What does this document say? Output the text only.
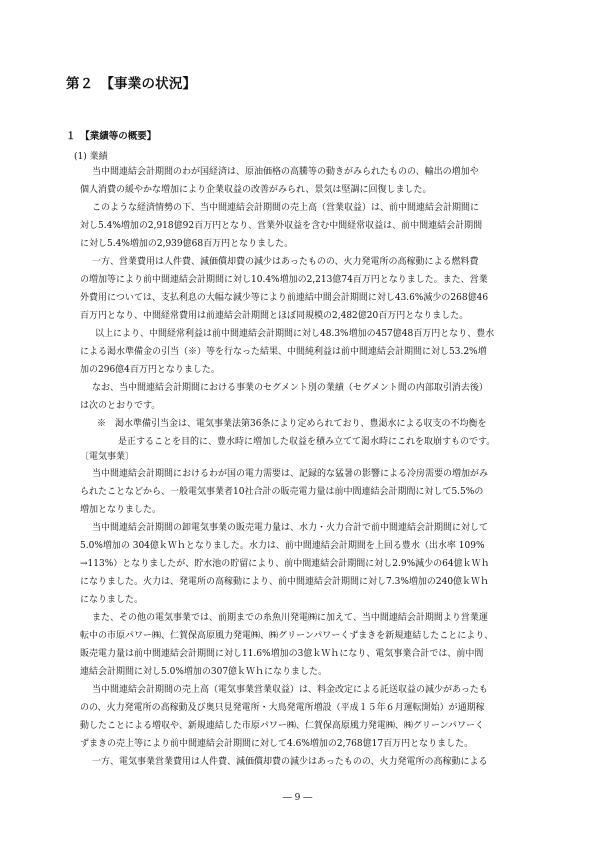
第２　【事業の状況】
１　【業績等の概要】
(1) 業績
〔電気事業〕
当中間連結会計期間のわが国経済は、原油価格の高騰等の動きがみられたものの、輸出の増加や
個人消費の緩やかな増加により企業収益の改善がみられ、景気は堅調に回復しました。
このような経済情勢の下、当中間連結会計期間の売上高（営業収益）は、前中間連結会計期間に
対し5.4%増加の2,918億92百万円となり、営業外収益を含む中間経常収益は、前中間連結会計期間
に対し5.4%増加の2,939億68百万円となりました。
一方、営業費用は人件費、減価償却費の減少はあったものの、火力発電所の高稼動による燃料費
の増加等により前中間連結会計期間に対し10.4%増加の2,213億74百万円となりました。また、営業
外費用については、支払利息の大幅な減少等により前連結中間会計期間に対し43.6%減少の268億46
百万円となり、中間経常費用は前連結会計期間とほぼ同規模の2,482億20百万円となりました。
以上により、中間経常利益は前中間連結会計期間に対し48.3%増加の457億48百万円となり、豊水
による渇水準備金の引当（※）等を行なった結果、中間純利益は前中間連結会計期間に対し53.2%増
加の296億4百万円となりました。
なお、当中間連結会計期間における事業のセグメント別の業績（セグメント間の内部取引消去後）
は次のとおりです。
※　渇水準備引当金は、電気事業法第36条により定められており、豊渇水による収支の不均衡を
是正することを目的に、豊水時に増加した収益を積み立てて渇水時にこれを取崩すものです。
当中間連結会計期間におけるわが国の電力需要は、記録的な猛暑の影響による冷房需要の増加がみ
られたことなどから、一般電気事業者10社合計の販売電力量は前中間連結会計期間に対して5.5%の
増加となりました。
当中間連結会計期間の卸電気事業の販売電力量は、水力・火力合計で前中間連結会計期間に対して
5.0%増加の 304億ｋＷｈとなりました。水力は、前中間連結会計期間を上回る豊水（出水率 109%
→113%）となりましたが、貯水池の貯留により、前中間連結会計期間に対し2.9%減少の64億ｋＷｈ
になりました。火力は、発電所の高稼動により、前中間連結会計期間に対し7.3%増加の240億ｋＷｈ
になりました。
また、その他の電気事業では、前期までの糸魚川発電㈱に加えて、当中間連結会計期間より営業運
転中の市原パワー㈱、仁賀保高原風力発電㈱、㈱グリーンパワーくずまきを新規連結したことにより、
販売電力量は前中間連結会計期間に対し11.6%増加の3億ｋＷｈになり、電気事業合計では、前中間
連結会計期間に対し5.0%増加の307億ｋＷｈになりました。
当中間連結会計期間の売上高（電気事業営業収益）は、料金改定による託送収益の減少があったも
のの、火力発電所の高稼動及び奥只見発電所・大鳥発電所増設（平成１５年６月運転開始）が通期稼
動したことによる増収や、新規連結した市原パワー㈱、仁賀保高原風力発電㈱、㈱グリーンパワーく
ずまきの売上等により前中間連結会計期間に対して4.6%増加の2,768億17百万円となりました。
一方、電気事業営業費用は人件費、減価償却費の減少はあったものの、火力発電所の高稼動による
― 9 ―
